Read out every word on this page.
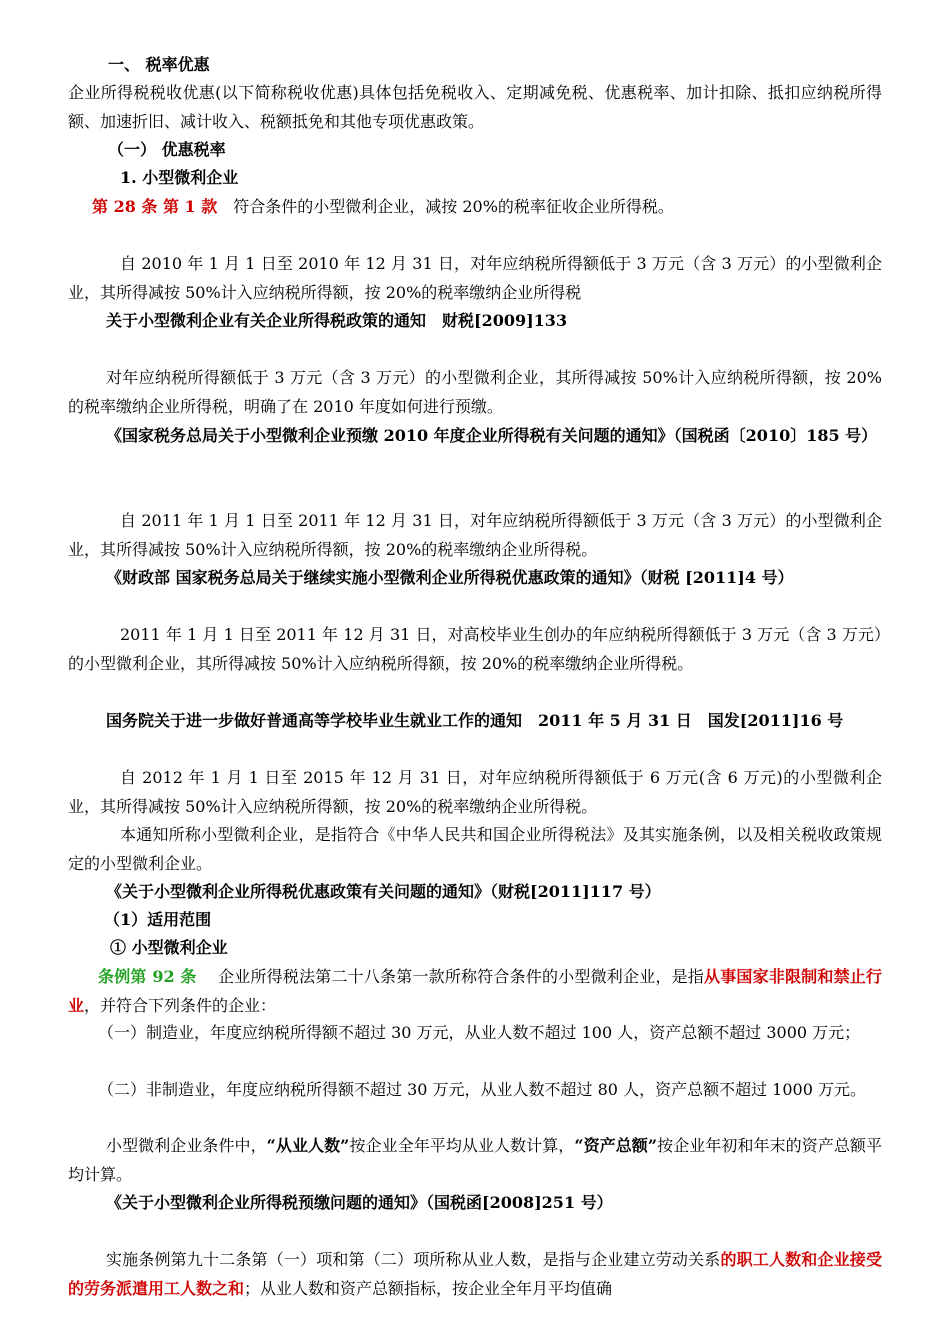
一、 税率优惠

企业所得税税收优惠(以下简称税收优惠)具体包括免税收入、定期减免税、优惠税率、加计扣除、抵扣应纳税所得额、加速折旧、减计收入、税额抵免和其他专项优惠政策。

（一） 优惠税率

1. 小型微利企业

第 28 条 第 1 款　 符合条件的小型微利企业，减按 20%的税率征收企业所得税。

自 2010 年 1 月 1 日至 2010 年 12 月 31 日，对年应纳税所得额低于 3 万元（含 3 万元）的小型微利企业，其所得减按 50%计入应纳税所得额，按 20%的税率缴纳企业所得税

关于小型微利企业有关企业所得税政策的通知　财税[2009]133

对年应纳税所得额低于 3 万元（含 3 万元）的小型微利企业，其所得减按 50%计入应纳税所得额，按 20%的税率缴纳企业所得税，明确了在 2010 年度如何进行预缴。

《国家税务总局关于小型微利企业预缴 2010 年度企业所得税有关问题的通知》（国税函〔2010〕185 号）

自 2011 年 1 月 1 日至 2011 年 12 月 31 日，对年应纳税所得额低于 3 万元（含 3 万元）的小型微利企业，其所得减按 50%计入应纳税所得额，按 20%的税率缴纳企业所得税。

《财政部 国家税务总局关于继续实施小型微利企业所得税优惠政策的通知》（财税 [2011]4 号）

2011 年 1 月 1 日至 2011 年 12 月 31 日，对高校毕业生创办的年应纳税所得额低于 3 万元（含 3 万元）的小型微利企业，其所得减按 50%计入应纳税所得额，按 20%的税率缴纳企业所得税。

国务院关于进一步做好普通高等学校毕业生就业工作的通知　2011 年 5 月 31 日　国发[2011]16 号

自 2012 年 1 月 1 日至 2015 年 12 月 31 日，对年应纳税所得额低于 6 万元(含 6 万元)的小型微利企业，其所得减按 50%计入应纳税所得额，按 20%的税率缴纳企业所得税。

本通知所称小型微利企业，是指符合《中华人民共和国企业所得税法》及其实施条例，以及相关税收政策规定的小型微利企业。

《关于小型微利企业所得税优惠政策有关问题的通知》（财税[2011]117 号）

（1）适用范围

① 小型微利企业

条例第 92 条　 企业所得税法第二十八条第一款所称符合条件的小型微利企业，是指从事国家非限制和禁止行业，并符合下列条件的企业：

（一）制造业，年度应纳税所得额不超过 30 万元，从业人数不超过 100 人，资产总额不超过 3000 万元；

（二）非制造业，年度应纳税所得额不超过 30 万元，从业人数不超过 80 人，资产总额不超过 1000 万元。

小型微利企业条件中，“从业人数”按企业全年平均从业人数计算，“资产总额”按企业年初和年末的资产总额平均计算。

《关于小型微利企业所得税预缴问题的通知》（国税函[2008]251 号）

实施条例第九十二条第（一）项和第（二）项所称从业人数，是指与企业建立劳动关系的职工人数和企业接受的劳务派遣用工人数之和；从业人数和资产总额指标，按企业全年月平均值确
